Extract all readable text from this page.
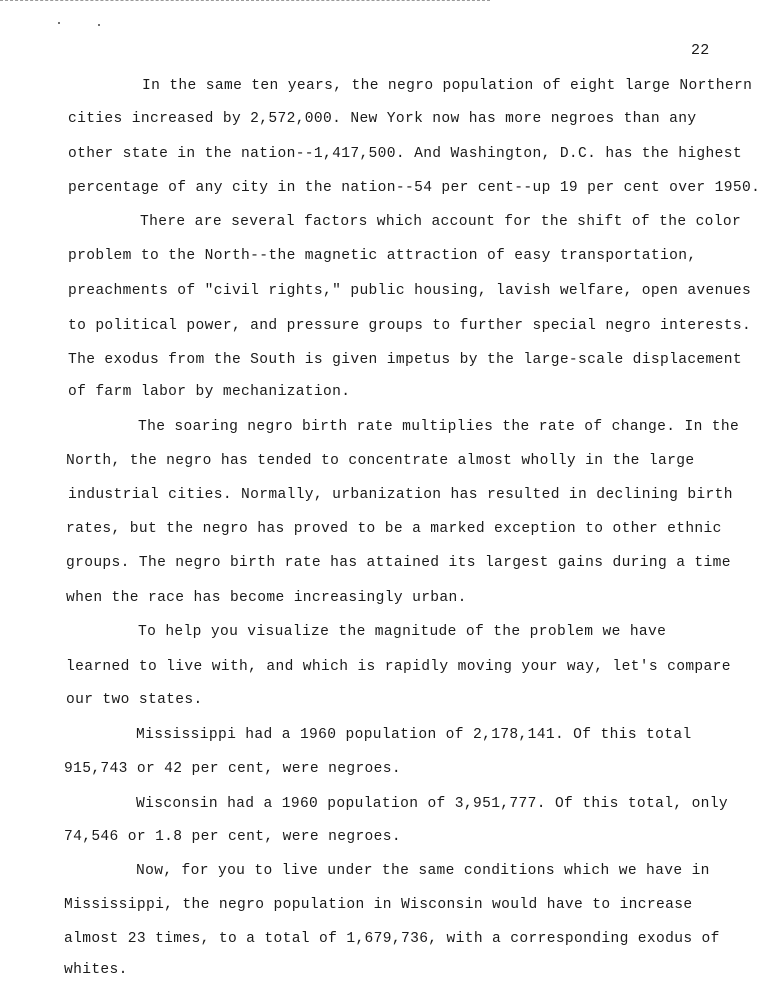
22
In the same ten years, the negro population of eight large Northern
cities increased by 2,572,000. New York now has more negroes than any
other state in the nation--1,417,500. And Washington, D.C. has the highest
percentage of any city in the nation--54 per cent--up 19 per cent over 1950.
There are several factors which account for the shift of the color
problem to the North--the magnetic attraction of easy transportation,
preachments of "civil rights," public housing, lavish welfare, open avenues
to political power, and pressure groups to further special negro interests.
The exodus from the South is given impetus by the large-scale displacement
of farm labor by mechanization.
The soaring negro birth rate multiplies the rate of change. In the
North, the negro has tended to concentrate almost wholly in the large
industrial cities. Normally, urbanization has resulted in declining birth
rates, but the negro has proved to be a marked exception to other ethnic
groups. The negro birth rate has attained its largest gains during a time
when the race has become increasingly urban.
To help you visualize the magnitude of the problem we have
learned to live with, and which is rapidly moving your way, let's compare
our two states.
Mississippi had a 1960 population of 2,178,141. Of this total
915,743 or 42 per cent, were negroes.
Wisconsin had a 1960 population of 3,951,777. Of this total, only
74,546 or 1.8 per cent, were negroes.
Now, for you to live under the same conditions which we have in
Mississippi, the negro population in Wisconsin would have to increase
almost 23 times, to a total of 1,679,736, with a corresponding exodus of
whites.
